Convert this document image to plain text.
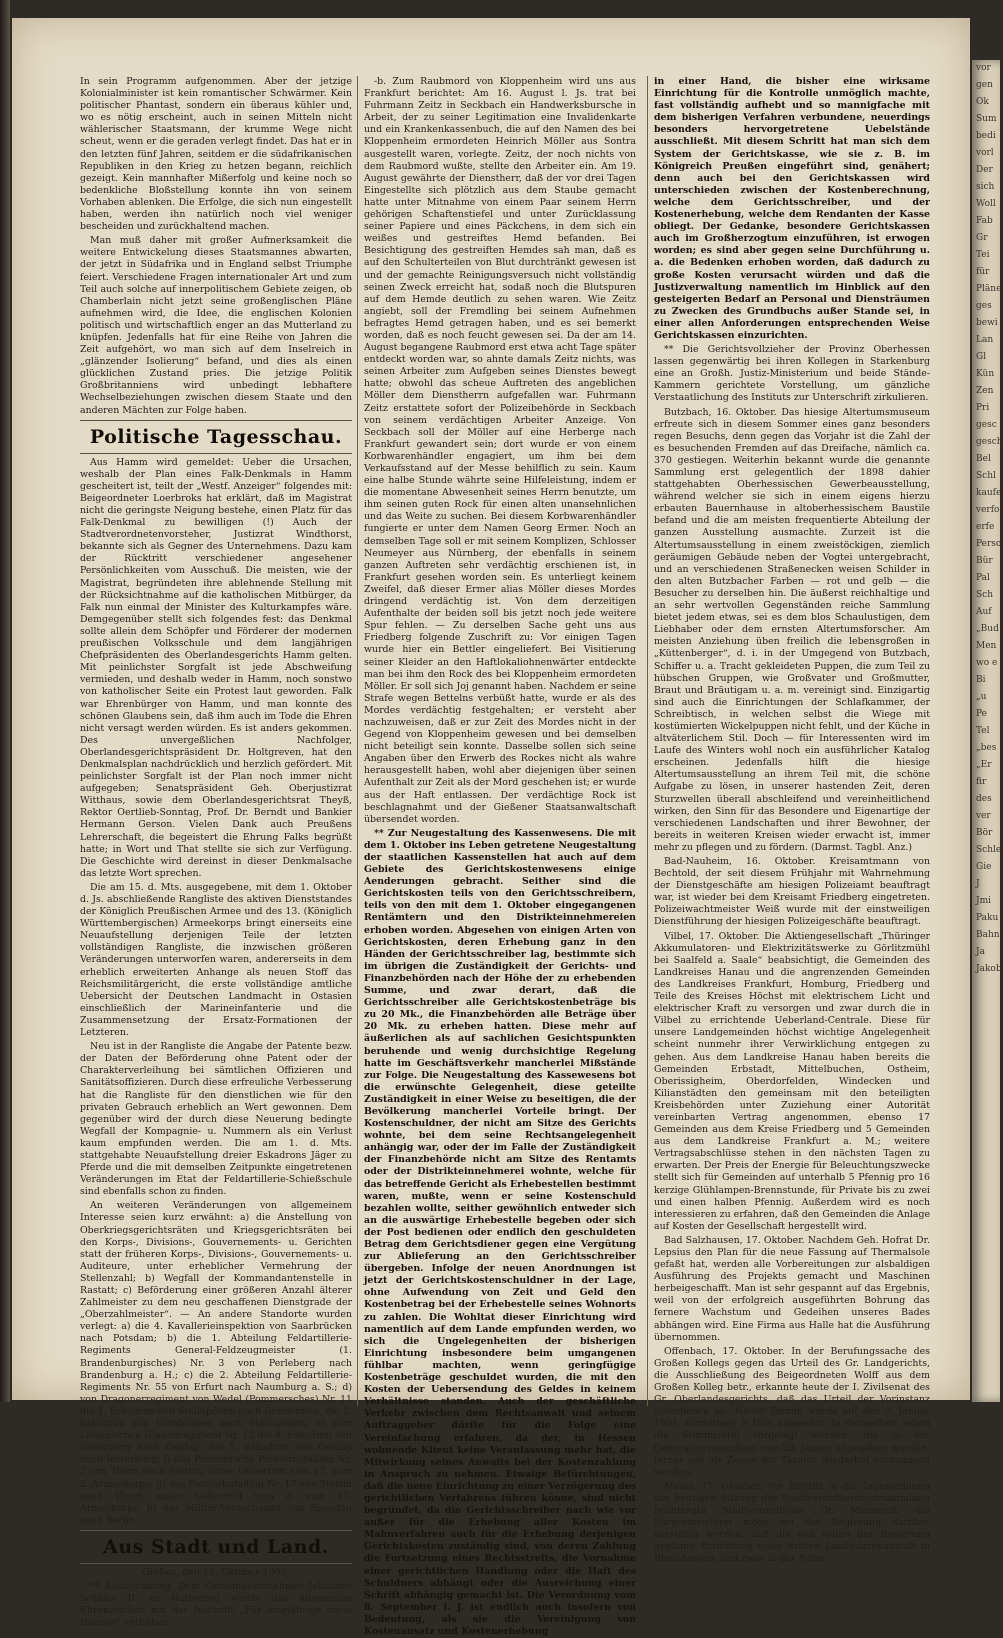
In sein Programm aufgenommen. Aber der jetzige Kolonialminister ist kein romantischer Schwärmer. Kein politischer Phantast, sondern ein überaus kühler und, wo es nötig erscheint, auch in seinen Mitteln nicht wählerischer Staatsmann, der krumme Wege nicht scheut, wenn er die geraden verlegt findet. Das hat er in den letzten fünf Jahren, seitdem er die südafrikanischen Republiken in den Krieg zu hetzen begann, reichlich gezeigt. Kein mannhafter Mißerfolg und keine noch so bedenkliche Bloßstellung konnte ihn von seinem Vorhaben ablenken. Die Erfolge, die sich nun eingestellt haben, werden ihn natürlich noch viel weniger bescheiden und zurückhaltend machen.

Man muß daher mit großer Aufmerksamkeit die weitere Entwickelung dieses Staatsmannes abwarten, der jetzt in Südafrika und in England selbst Triumphe feiert. Verschiedene Fragen internationaler Art und zum Teil auch solche auf innerpolitischem Gebiete zeigen, ob Chamberlain nicht jetzt seine großenglischen Pläne aufnehmen wird, die Idee, die englischen Kolonien politisch und wirtschaftlich enger an das Mutterland zu knüpfen. Jedenfalls hat für eine Reihe von Jahren die Zeit aufgehört, wo man sich auf dem Inselreich in „glänzender Isolierung“ befand, und dies als einen glücklichen Zustand pries. Die jetzige Politik Großbritanniens wird unbedingt lebhaftere Wechselbeziehungen zwischen diesem Staate und den anderen Mächten zur Folge haben.

Politische Tagesschau.

Aus Hamm wird gemeldet: Ueber die Ursachen, weshalb der Plan eines Falk-Denkmals in Hamm gescheitert ist, teilt der „Westf. Anzeiger“ folgendes mit: Beigeordneter Loerbroks hat erklärt, daß im Magistrat nicht die geringste Neigung bestehe, einen Platz für das Falk-Denkmal zu bewilligen (!) Auch der Stadtverordnetenvorsteher, Justizrat Windthorst, bekannte sich als Gegner des Unternehmens. Dazu kam der Rücktritt verschiedener angesehener Persönlichkeiten vom Ausschuß. Die meisten, wie der Magistrat, begründeten ihre ablehnende Stellung mit der Rücksichtnahme auf die katholischen Mitbürger, da Falk nun einmal der Minister des Kulturkampfes wäre. Demgegenüber stellt sich folgendes fest: das Denkmal sollte allein dem Schöpfer und Förderer der modernen preußischen Volksschule und dem langjährigen Chefpräsidenten des Oberlandesgerichts Hamm gelten. Mit peinlichster Sorgfalt ist jede Abschweifung vermieden, und deshalb weder in Hamm, noch sonstwo von katholischer Seite ein Protest laut geworden. Falk war Ehrenbürger von Hamm, und man konnte des schönen Glaubens sein, daß ihm auch im Tode die Ehren nicht versagt werden würden. Es ist anders gekommen. Des unvergeßlichen Nachfolger, Oberlandesgerichtspräsident Dr. Holtgreven, hat den Denkmalsplan nachdrücklich und herzlich gefördert. Mit peinlichster Sorgfalt ist der Plan noch immer nicht aufgegeben; Senatspräsident Geh. Oberjustizrat Witthaus, sowie dem Oberlandesgerichtsrat Theyß, Rektor Oertlieb-Sonntag, Prof. Dr. Berndt und Bankier Hermann Gerson. Vielen Dank auch Preußens Lehrerschaft, die begeistert die Ehrung Falks begrüßt hatte; in Wort und That stellte sie sich zur Verfügung. Die Geschichte wird dereinst in dieser Denkmalsache das letzte Wort sprechen.

Die am 15. d. Mts. ausgegebene, mit dem 1. Oktober d. Js. abschließende Rangliste des aktiven Dienststandes der Königlich Preußischen Armee und des 13. (Königlich Württembergischen) Armeekorps bringt einerseits eine Neuaufstellung derjenigen Teile der letzten vollständigen Rangliste, die inzwischen größeren Veränderungen unterworfen waren, andererseits in dem erheblich erweiterten Anhange als neuen Stoff das Reichsmilitärgericht, die erste vollständige amtliche Uebersicht der Deutschen Landmacht in Ostasien einschließlich der Marineinfanterie und die Zusammensetzung der Ersatz-Formationen der Letzteren.

Neu ist in der Rangliste die Angabe der Patente bezw. der Daten der Beförderung ohne Patent oder der Charakterverleihung bei sämtlichen Offizieren und Sanitätsoffizieren. Durch diese erfreuliche Verbesserung hat die Rangliste für den dienstlichen wie für den privaten Gebrauch erheblich an Wert gewonnen. Dem gegenüber wird der durch diese Neuerung bedingte Wegfall der Kompagnie- u. Nummern als ein Verlust kaum empfunden werden. Die am 1. d. Mts. stattgehabte Neuaufstellung dreier Eskadrons Jäger zu Pferde und die mit demselben Zeitpunkte eingetretenen Veränderungen im Etat der Feldartillerie-Schießschule sind ebenfalls schon zu finden.

An weiteren Veränderungen von allgemeinem Interesse seien kurz erwähnt: a) die Anstellung von Oberkriegsgerichtsräten und Kriegsgerichtsräten bei den Korps-, Divisions-, Gouvernements- u. Gerichten statt der früheren Korps-, Divisions-, Gouvernements- u. Auditeure, unter erheblicher Vermehrung der Stellenzahl; b) Wegfall der Kommandantenstelle in Rastatt; c) Beförderung einer größeren Anzahl älterer Zahlmeister zu dem neu geschaffenen Dienstgrade der „Oberzahlmeister“. — An andere Standorte wurden verlegt: a) die 4. Kavallerieinspektion von Saarbrücken nach Potsdam; b) die 1. Abteilung Feldartillerie-Regiments General-Feldzeugmeister (1. Brandenburgisches) Nr. 3 von Perleberg nach Brandenburg a. H.; c) die 2. Abteilung Feldartillerie-Regiments Nr. 55 von Erfurt nach Naumburg a. S.; d) von Dragonerregiment von Wedel (Pommersches) Nr. 11 die 1. Eskadron von Stallupönen nach Gumbinnen, die 2. Eskadron von Gumbinnen nach Stallupönen; e) vom Lithauischen Ulanenregiment Nr. 12 die 4. Eskadron von Insterburg nach Goldap, die 5. Eskadron von Goldap nach Insterburg; f) das Pommersche Pionierbataillon Nr. 2 von Thorn nach Stettin, unter Uebertritt vom 17. zum 2. Armeekorps; g) das Pionierbataillon Nr. 17 von Stettin nach Thorn, unter Uebertritt vom 2. zum 17. Armeekorps; h) das Militär-Versuchsamt von Spandau nach Berlin.

Aus Stadt und Land.

Gießen, den 18. Oktober 1900.

** Auszeichnung. Dem Gemeindeeinnehmer Johannes Schäfer II. zu Hattenrod wurde das Allgemeine Ehrenzeichen mit der Inschrift „Für langjährige treue Dienste“ verliehen.

-b. Zum Raubmord von Kloppenheim wird uns aus Frankfurt berichtet: Am 16. August l. Js. trat bei Fuhrmann Zeitz in Seckbach ein Handwerksbursche in Arbeit, der zu seiner Legitimation eine Invalidenkarte und ein Krankenkassenbuch, die auf den Namen des bei Kloppenheim ermordeten Heinrich Möller aus Sontra ausgestellt waren, vorlegte. Zeitz, der noch nichts von dem Raubmord wußte, stellte den Arbeiter ein. Am 19. August gewährte der Dienstherr, daß der vor drei Tagen Eingestellte sich plötzlich aus dem Staube gemacht hatte unter Mitnahme von einem Paar seinem Herrn gehörigen Schaftenstiefel und unter Zurücklassung seiner Papiere und eines Päckchens, in dem sich ein weißes und gestreiftes Hemd befanden. Bei Besichtigung des gestreiften Hemdes sah man, daß es auf den Schulterteilen von Blut durchtränkt gewesen ist und der gemachte Reinigungsversuch nicht vollständig seinen Zweck erreicht hat, sodaß noch die Blutspuren auf dem Hemde deutlich zu sehen waren. Wie Zeitz angiebt, soll der Fremdling bei seinem Aufnehmen befragtes Hemd getragen haben, und es sei bemerkt worden, daß es noch feucht gewesen sei. Da der am 14. August begangene Raubmord erst etwa acht Tage später entdeckt worden war, so ahnte damals Zeitz nichts, was seinen Arbeiter zum Aufgeben seines Dienstes bewegt hatte; obwohl das scheue Auftreten des angeblichen Möller dem Dienstherrn aufgefallen war. Fuhrmann Zeitz erstattete sofort der Polizeibehörde in Seckbach von seinem verdächtigen Arbeiter Anzeige. Von Seckbach soll der Möller auf eine Herberge nach Frankfurt gewandert sein; dort wurde er von einem Korbwarenhändler engagiert, um ihm bei dem Verkaufsstand auf der Messe behilflich zu sein. Kaum eine halbe Stunde währte seine Hilfeleistung, indem er die momentane Abwesenheit seines Herrn benutzte, um ihm seinen guten Rock für einen alten unansehnlichen und das Weite zu suchen. Bei diesem Korbwarenhändler fungierte er unter dem Namen Georg Ermer. Noch an demselben Tage soll er mit seinem Komplizen, Schlosser Neumeyer aus Nürnberg, der ebenfalls in seinem ganzen Auftreten sehr verdächtig erschienen ist, in Frankfurt gesehen worden sein. Es unterliegt keinem Zweifel, daß dieser Ermer alias Möller dieses Mordes dringend verdächtig ist. Von dem derzeitigen Aufenthalte der beiden soll bis jetzt noch jede weitere Spur fehlen. — Zu derselben Sache geht uns aus Friedberg folgende Zuschrift zu: Vor einigen Tagen wurde hier ein Bettler eingeliefert. Bei Visitierung seiner Kleider an den Haftlokaliohnenwärter entdeckte man bei ihm den Rock des bei Kloppenheim ermordeten Möller. Er soll sich Joj genannt haben. Nachdem er seine Strafe wegen Bettelns verbüßt hatte, wurde er als des Mordes verdächtig festgehalten; er versteht aber nachzuweisen, daß er zur Zeit des Mordes nicht in der Gegend von Kloppenheim gewesen und bei demselben nicht beteiligt sein konnte. Dasselbe sollen sich seine Angaben über den Erwerb des Rockes nicht als wahre herausgestellt haben, wohl aber diejenigen über seinen Aufenthalt zur Zeit als der Mord geschehen ist; er wurde aus der Haft entlassen. Der verdächtige Rock ist beschlagnahmt und der Gießener Staatsanwaltschaft übersendet worden.

** Zur Neugestaltung des Kassenwesens. Die mit dem 1. Oktober ins Leben getretene Neugestaltung der staatlichen Kassenstellen hat auch auf dem Gebiete des Gerichtskostenwesens einige Aenderungen gebracht. Seither sind die Gerichtskosten teils von den Gerichtsschreibern, teils von den mit dem 1. Oktober eingegangenen Rentämtern und den Distrikteinnehmereien erhoben worden. Abgesehen von einigen Arten von Gerichtskosten, deren Erhebung ganz in den Händen der Gerichtsschreiber lag, bestimmte sich im übrigen die Zuständigkeit der Gerichts- und Finanzbehörden nach der Höhe der zu erhebenden Summe, und zwar derart, daß die Gerichtsschreiber alle Gerichtskostenbeträge bis zu 20 Mk., die Finanzbehörden alle Beträge über 20 Mk. zu erheben hatten. Diese mehr auf äußerlichen als auf sachlichen Gesichtspunkten beruhende und wenig durchsichtige Regelung hatte im Geschäftsverkehr mancherlei Mißstände zur Folge. Die Neugestaltung des Kassewesens bot die erwünschte Gelegenheit, diese geteilte Zuständigkeit in einer Weise zu beseitigen, die der Bevölkerung mancherlei Vorteile bringt. Der Kostenschuldner, der nicht am Sitze des Gerichts wohnte, bei dem seine Rechtsangelegenheit anhängig war, oder der im Falle der Zuständigkeit der Finanzbehörde nicht am Sitze des Rentamts oder der Distrikteinnehmerei wohnte, welche für das betreffende Gericht als Erhebestellen bestimmt waren, mußte, wenn er seine Kostenschuld bezahlen wollte, seither gewöhnlich entweder sich an die auswärtige Erhebestelle begeben oder sich der Post bedienen oder endlich den geschuldeten Betrag dem Gerichtsdiener gegen eine Vergütung zur Ablieferung an den Gerichtsschreiber übergeben. Infolge der neuen Anordnungen ist jetzt der Gerichtskostenschuldner in der Lage, ohne Aufwendung von Zeit und Geld den Kostenbetrag bei der Erhebestelle seines Wohnorts zu zahlen. Die Wohltat dieser Einrichtung wird namentlich auf dem Lande empfunden werden, wo sich die Ungelegenheiten der bisherigen Einrichtung insbesondere beim umgangenen fühlbar machten, wenn geringfügige Kostenbeträge geschuldet wurden, die mit den Kosten der Uebersendung des Geldes in keinem Verhältnisse standen. Auch der geschäftliche Verkehr zwischen dem Rechtsanwalt und seinem Auftraggeber dürfte für die Folge eine Vereinfachung erfahren, da der, in Hessen wohnende Klient keine Veranlassung mehr hat, die Mitwirkung seines Anwalts bei der Kostenzahlung in Anspruch zu nehmen. Etwaige Befürchtungen, daß die neue Einrichtung zu einer Verzögerung des gerichtlichen Verfahrens führen könne, sind nicht begründet, da die Gerichtsschreiber nach wie vor außer für die Erhebung aller Kosten im Mahnverfahren auch für die Erhebung derjenigen Gerichtskosten zuständig sind, von deren Zahlung die Fortsetzung eines Rechtsstreits, die Vornahme einer gerichtlichen Handlung oder die Haft des Schuldners abhängt oder die Ausreichung einer Schrift abhängig gemacht ist. Die Verordnung vom 8. September l. J. ist endlich auch insofern von Bedeutung, als sie die Vereinigung von Kostenansatz und Kostenerhebung

in einer Hand, die bisher eine wirksame Einrichtung für die Kontrolle unmöglich machte, fast vollständig aufhebt und so mannigfache mit dem bisherigen Verfahren verbundene, neuerdings besonders hervorgetretene Uebelstände ausschließt. Mit diesem Schritt hat man sich dem System der Gerichtskasse, wie sie z. B. im Königreich Preußen eingeführt sind, genähert; denn auch bei den Gerichtskassen wird unterschieden zwischen der Kostenberechnung, welche dem Gerichtsschreiber, und der Kostenerhebung, welche dem Rendanten der Kasse obliegt. Der Gedanke, besondere Gerichtskassen auch im Großherzogtum einzuführen, ist erwogen worden; es sind aber gegen seine Durchführung u. a. die Bedenken erhoben worden, daß dadurch zu große Kosten verursacht würden und daß die Justizverwaltung namentlich im Hinblick auf den gesteigerten Bedarf an Personal und Diensträumen zu Zwecken des Grundbuchs außer Stande sei, in einer allen Anforderungen entsprechenden Weise Gerichtskassen einzurichten.

** Die Gerichtsvollzieher der Provinz Oberhessen lassen gegenwärtig bei ihren Kollegen in Starkenburg eine an Großh. Justiz-Ministerium und beide Stände-Kammern gerichtete Vorstellung, um gänzliche Verstaatlichung des Instituts zur Unterschrift zirkulieren.

Butzbach, 16. Oktober. Das hiesige Altertumsmuseum erfreute sich in diesem Sommer eines ganz besonders regen Besuchs, denn gegen das Vorjahr ist die Zahl der es besuchenden Fremden auf das Dreifache, nämlich ca. 370 gestiegen. Weiterhin bekannt wurde die genannte Sammlung erst gelegentlich der 1898 dahier stattgehabten Oberhessischen Gewerbeausstellung, während welcher sie sich in einem eigens hierzu erbauten Bauernhause in altoberhessischem Baustile befand und die am meisten frequentierte Abteilung der ganzen Ausstellung ausmachte. Zurzeit ist die Altertumsausstellung in einem zweistöckigen, ziemlich geräumigen Gebäude neben der Vogtei untergebracht, und an verschiedenen Straßenecken weisen Schilder in den alten Butzbacher Farben — rot und gelb — die Besucher zu derselben hin. Die äußerst reichhaltige und an sehr wertvollen Gegenständen reiche Sammlung bietet jedem etwas, sei es dem blos Schaulustigen, dem Liebhaber oder dem ernsten Altertumsforscher. Am meisten Anziehung üben freilich die lebensgroßen in „Küttenberger“, d. i. in der Umgegend von Butzbach, Schiffer u. a. Tracht gekleideten Puppen, die zum Teil zu hübschen Gruppen, wie Großvater und Großmutter, Braut und Bräutigam u. a. m. vereinigt sind. Einzigartig sind auch die Einrichtungen der Schlafkammer, der Schreibtisch, in welchen selbst die Wiege mit kostümierten Wickelpuppen nicht fehlt, und der Küche in altväterlichem Stil. Doch — für Interessenten wird im Laufe des Winters wohl noch ein ausführlicher Katalog erscheinen. Jedenfalls hilft die hiesige Altertumsausstellung an ihrem Teil mit, die schöne Aufgabe zu lösen, in unserer hastenden Zeit, deren Sturzwellen überall abschleifend und vereinheitlichend wirken, den Sinn für das Besondere und Eigenartige der verschiedenen Landschaften und ihrer Bewohner, der bereits in weiteren Kreisen wieder erwacht ist, immer mehr zu pflegen und zu fördern. (Darmst. Tagbl. Anz.)

Bad-Nauheim, 16. Oktober. Kreisamtmann von Bechtold, der seit diesem Frühjahr mit Wahrnehmung der Dienstgeschäfte am hiesigen Polizeiamt beauftragt war, ist wieder bei dem Kreisamt Friedberg eingetreten. Polizeiwachtmeister Weiß wurde mit der einstweiligen Dienstführung der hiesigen Polizeigeschäfte beauftragt.

Vilbel, 17. Oktober. Die Aktiengesellschaft „Thüringer Akkumulatoren- und Elektrizitätswerke zu Görlitzmühl bei Saalfeld a. Saale“ beabsichtigt, die Gemeinden des Landkreises Hanau und die angrenzenden Gemeinden des Landkreises Frankfurt, Homburg, Friedberg und Teile des Kreises Höchst mit elektrischem Licht und elektrischer Kraft zu versorgen und zwar durch die in Vilbel zu errichtende Ueberland-Centrale. Diese für unsere Landgemeinden höchst wichtige Angelegenheit scheint nunmehr ihrer Verwirklichung entgegen zu gehen. Aus dem Landkreise Hanau haben bereits die Gemeinden Erbstadt, Mittelbuchen, Ostheim, Oberissigheim, Oberdorfelden, Windecken und Kilianstädten den gemeinsam mit den beteiligten Kreisbehörden unter Zuziehung einer Autorität vereinbarten Vertrag angenommen, ebenso 17 Gemeinden aus dem Kreise Friedberg und 5 Gemeinden aus dem Landkreise Frankfurt a. M.; weitere Vertragsabschlüsse stehen in den nächsten Tagen zu erwarten. Der Preis der Energie für Beleuchtungszwecke stellt sich für Gemeinden auf unterhalb 5 Pfennig pro 16 kerzige Glühlampen-Brennstunde, für Private bis zu zwei und einen halben Pfennig. Außerdem wird es noch interessieren zu erfahren, daß den Gemeinden die Anlage auf Kosten der Gesellschaft hergestellt wird.

Bad Salzhausen, 17. Oktober. Nachdem Geh. Hofrat Dr. Lepsius den Plan für die neue Fassung auf Thermalsole gefaßt hat, werden alle Vorbereitungen zur alsbaldigen Ausführung des Projekts gemacht und Maschinen herbeigeschafft. Man ist sehr gespannt auf das Ergebnis, weil von der erfolgreich ausgeführten Bohrung das fernere Wachstum und Gedeihen unseres Bades abhängen wird. Eine Firma aus Halle hat die Ausführung übernommen.

Offenbach, 17. Oktober. In der Berufungssache des Großen Kollegs gegen das Urteil des Gr. Landgerichts, die Ausschließung des Beigeordneten Wolff aus dem Großen Kolleg betr., erkannte heute der I. Zivilsenat des Gr. Oberlandesgerichts, daß das Urteil der Vorinstanz aufzuheben sei. Neuer Termin wurde auf den 9. Januar 1901, vormittags 9 Uhr, angesetzt. In demselben sollen die Stimmzettel vorgelegt werden, die in der Generalversammlung vom 20. Januar abgegeben wurden, ferner soll als Zeuge der Taxator Niederhof vernommen werden.

Mainz, 17. Oktober. Vor Eintritt in die Tagesordnung der heutigen Sitzung der Stadtverordnetenversammlung beantragte Stadtverordneter Dr. Masserell, die Bürgermeisterei möge bei der Regierung darüber vorstellig werden, daß die von seiten der Regierung geplante Errichtung einer dritten Landesirrenanstalt in Rheinhessen, und zwar in der Nähe

vor
gen
Ok
Sum
bedi
vorl
Der
sich
Woll
Fab
Gr
Tei
für
Pläne
ges
bewi
Lan
Gl
Kün
Zen
Pri
gesc
gesch
Bel
Schl
kaufe
verfo
erfe
Perso
Bür
Pal
Sch
Auf
„Bud
Men
wo e
Bi
„u
Pe
Tel
„bes
„Er
fir
des
ver
Bör
Schle
Gie
J
Jmi
Paku
Bahn
Ja
Jakob
